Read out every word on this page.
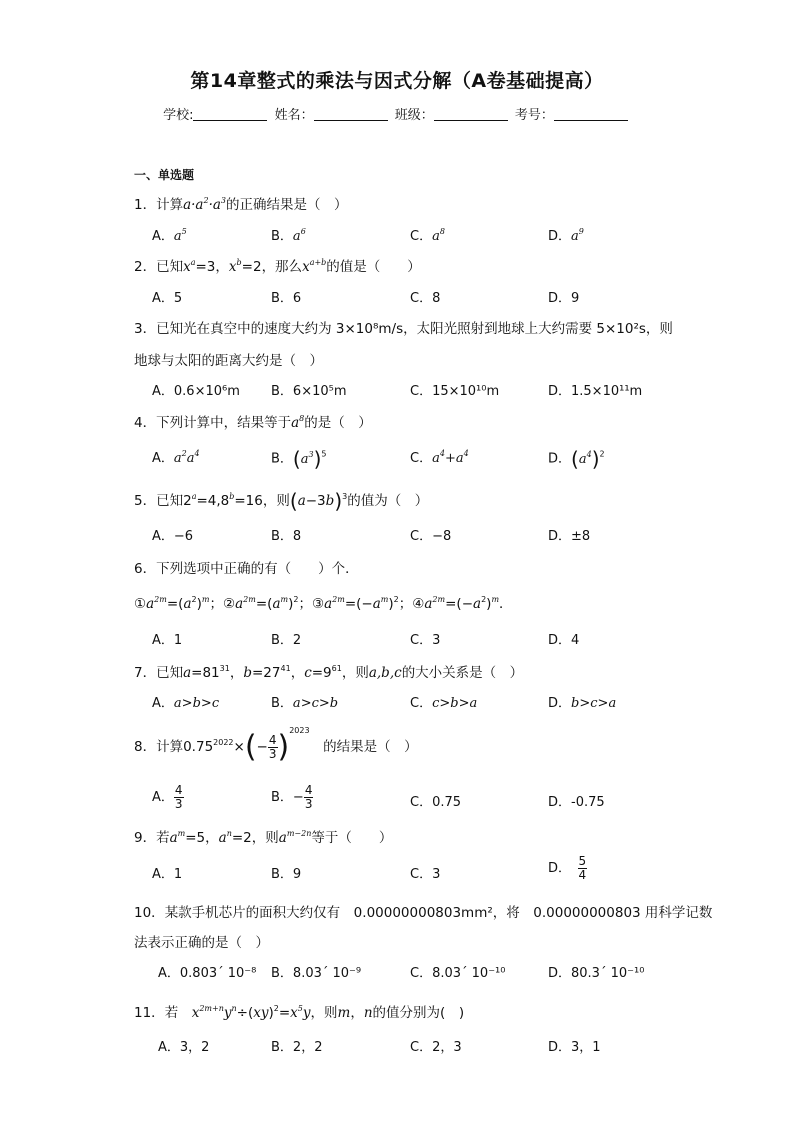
第14章整式的乘法与因式分解（A卷基础提高）
学校:	姓名：	班级：	考号：
一、单选题
1．计算$a\cdot a^2\cdot a^3$的正确结果是（　）
A．$a^5$	B．$a^6$	C．$a^8$	D．$a^9$
2．已知$x^a=3$，$x^b=2$，那么$x^{a+b}$的值是（　　）
A．5	B．6	C．8	D．9
3．已知光在真空中的速度大约为 3×10⁸m/s，太阳光照射到地球上大约需要 5×10²s，则
地球与太阳的距离大约是（　）
A．0.6×10⁶m B．6×10⁵m	C．15×10¹⁰m	D．1.5×10¹¹m
4．下列计算中，结果等于$a^8$的是（　）
A．$a^2a^4$	B．$(a^3)^5$	C．$a^4+a^4$	D．$(a^4)^2$
5．已知$2^a=4,8^b=16$，则$(a-3b)^3$的值为（　）
A．−6	B．8	C．−8	D．±8
6．下列选项中正确的有（　　）个．
$①a^{2m}=(a^2)^m$；$②a^{2m}=(a^m)^2$；$③a^{2m}=(-a^m)^2$；$④a^{2m}=(-a^2)^m$．
A．1	B．2	C．3	D．4
7．已知$a=81^{31}$，$b=27^{41}$，$c=9^{61}$，则a,b,c的大小关系是（　）
A．a>b>c	B．a>c>b	C．c>b>a	D．b>c>a
8．计算$0.75^{2022}\times(- \frac{4}{3} )^{2023}$　的结果是（　）
A． $\frac{4}{3}$	B．− $\frac{4}{3}$	C．0.75	D．-0.75
9．若$a^m=5$，$a^n=2$，则$a^{m-2n}$等于（　　）
A．1	B．9	C．3	D．　 $\frac{5}{4}$
10．某款手机芯片的面积大约仅有　0.00000000803mm²，将　0.00000000803 用科学记数
法表示正确的是（　）
A．0.803´ 10⁻⁸ B．8.03´ 10⁻⁹	C．8.03´ 10⁻¹⁰	D．80.3´ 10⁻¹⁰
11．若　 $x^{2m+n}y^n\div(xy)^2=x^5y$，则m，n的值分别为(　)
A．3，2	B．2，2	C．2，3	D．3，1
